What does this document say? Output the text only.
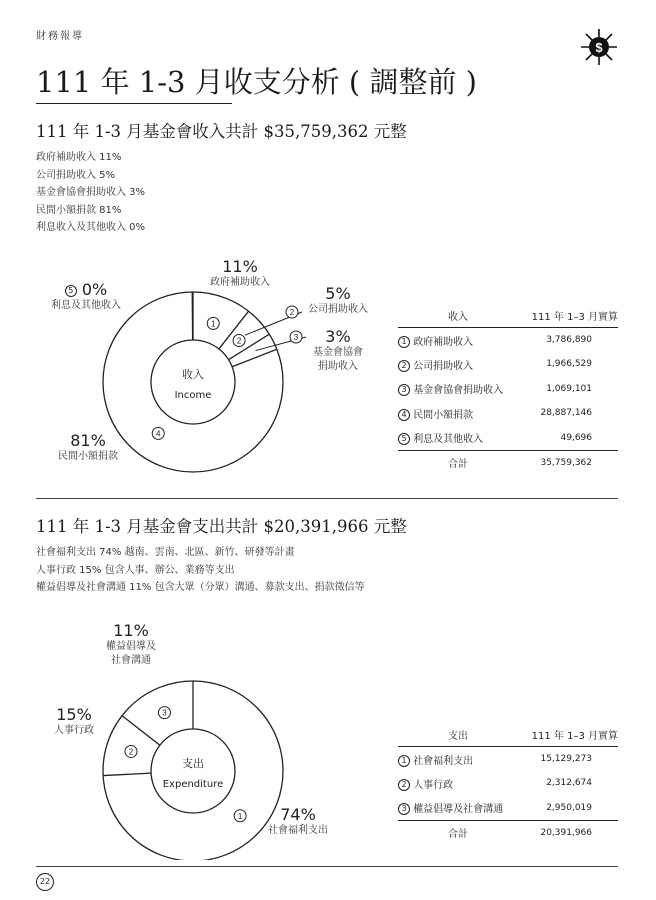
財務報導
$
111 年 1-3 月收支分析 ( 調整前 )
111 年 1-3 月基金會收入共計 $35,759,362 元整
政府補助收入 11%
公司捐助收入 5%
基金會協會捐助收入 3%
民間小額捐款 81%
利息收入及其他收入 0%
1
2
4
收入
Income
2
3
11%
政府補助收入
5%
公司捐助收入
3%
基金會協會
捐助收入
5 0%
利息及其他收入
81%
民間小額捐款
收入	111 年 1–3 月實算
1 政府補助收入	3,786,890
2 公司捐助收入	1,966,529
3 基金會協會捐助收入	1,069,101
4 民間小額捐款	28,887,146
5 利息及其他收入	49,696
合計	35,759,362
111 年 1-3 月基金會支出共計 $20,391,966 元整
社會福利支出 74% 越南、雲南、北區、新竹、研發等計畫
人事行政 15% 包含人事、辦公、業務等支出
權益倡導及社會溝通 11% 包含大眾（分眾）溝通、募款支出、捐款徵信等
1
2
3
支出
Expenditure
11%
權益倡導及
社會溝通
15%
人事行政
74%
社會福利支出
支出	111 年 1–3 月實算
1 社會福利支出	15,129,273
2 人事行政	2,312,674
3 權益倡導及社會溝通	2,950,019
合計	20,391,966
22
